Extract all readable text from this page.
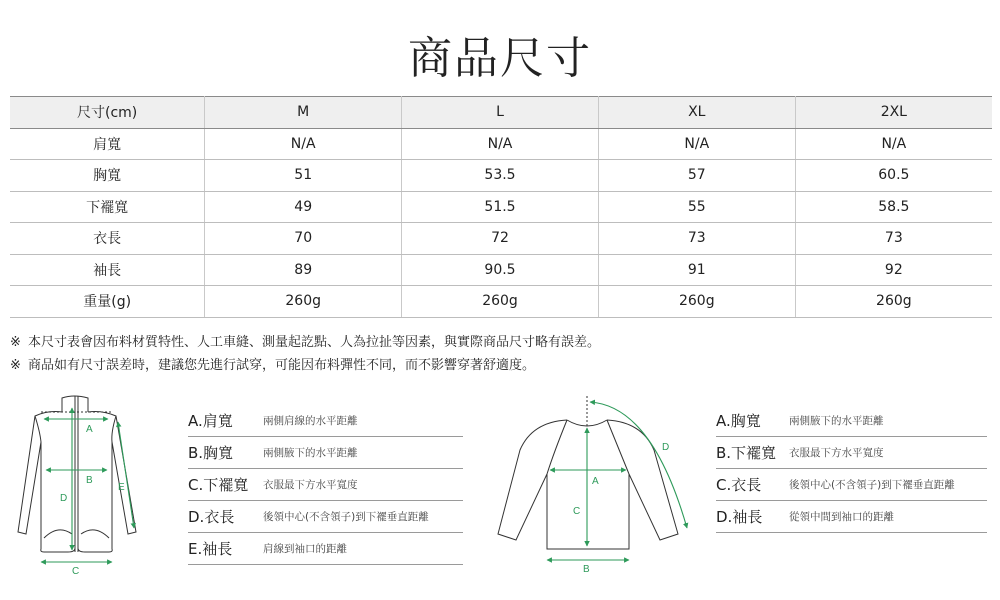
商品尺寸
尺寸(cm)	M	L	XL	2XL
肩寬	N/A	N/A	N/A	N/A
胸寬	51	53.5	57	60.5
下襬寬	49	51.5	55	58.5
衣長	70	72	73	73
袖長	89	90.5	91	92
重量(g)	260g	260g	260g	260g
※ 本尺寸表會因布料材質特性、人工車縫、測量起訖點、人為拉扯等因素，與實際商品尺寸略有誤差。
※ 商品如有尺寸誤差時，建議您先進行試穿，可能因布料彈性不同，而不影響穿著舒適度。
A
B
C
D
E
A.肩寬	兩側肩線的水平距離
B.胸寬	兩側腋下的水平距離
C.下襬寬	衣服最下方水平寬度
D.衣長	後領中心(不含領子)到下襬垂直距離
E.袖長	肩線到袖口的距離
A
B
C
D
A.胸寬	兩側腋下的水平距離
B.下襬寬	衣服最下方水平寬度
C.衣長	後領中心(不含領子)到下襬垂直距離
D.袖長	從領中間到袖口的距離
